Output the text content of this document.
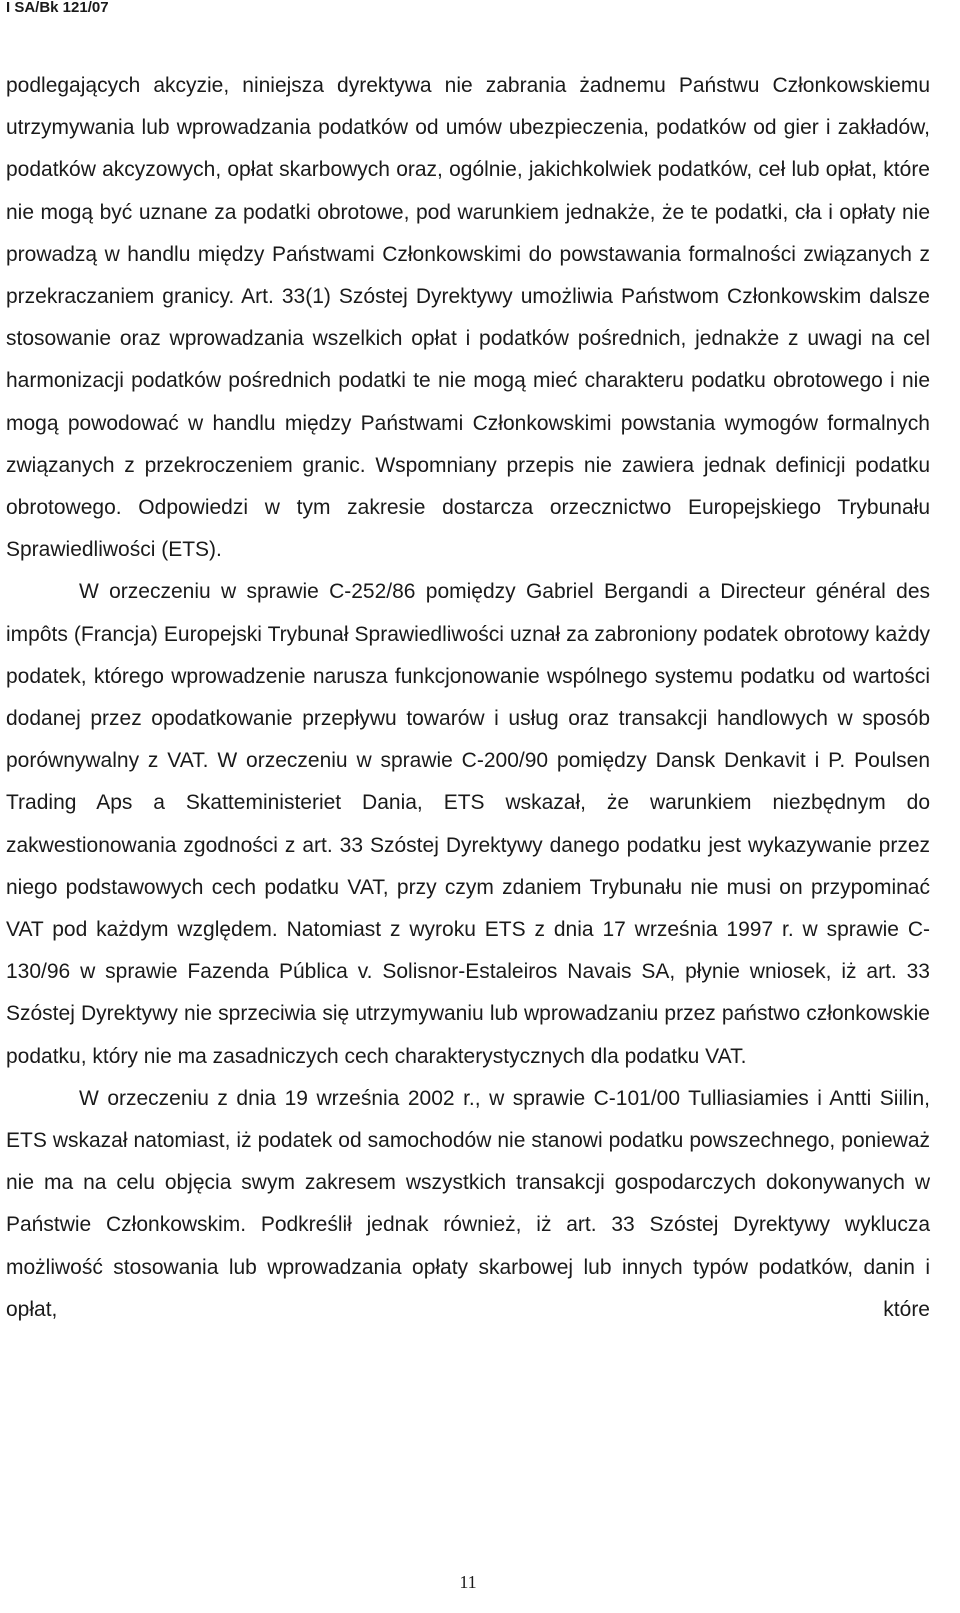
I SA/Bk 121/07

podlegających akcyzie, niniejsza dyrektywa nie zabrania żadnemu Państwu Członkowskiemu utrzymywania lub wprowadzania podatków od umów ubezpieczenia, podatków od gier i zakładów, podatków akcyzowych, opłat skarbowych oraz, ogólnie, jakichkolwiek podatków, ceł lub opłat, które nie mogą być uznane za podatki obrotowe, pod warunkiem jednakże, że te podatki, cła i opłaty nie prowadzą w handlu między Państwami Członkowskimi do powstawania formalności związanych z przekraczaniem granicy. Art. 33(1) Szóstej Dyrektywy umożliwia Państwom Członkowskim dalsze stosowanie oraz wprowadzania wszelkich opłat i podatków pośrednich, jednakże z uwagi na cel harmonizacji podatków pośrednich podatki te nie mogą mieć charakteru podatku obrotowego i nie mogą powodować w handlu między Państwami Członkowskimi powstania wymogów formalnych związanych z przekroczeniem granic. Wspomniany przepis nie zawiera jednak definicji podatku obrotowego. Odpowiedzi w tym zakresie dostarcza orzecznictwo Europejskiego Trybunału Sprawiedliwości (ETS).

W orzeczeniu w sprawie C-252/86 pomiędzy Gabriel Bergandi a Directeur général des impôts (Francja) Europejski Trybunał Sprawiedliwości uznał za zabroniony podatek obrotowy każdy podatek, którego wprowadzenie narusza funkcjonowanie wspólnego systemu podatku od wartości dodanej przez opodatkowanie przepływu towarów i usług oraz transakcji handlowych w sposób porównywalny z VAT. W orzeczeniu w sprawie C-200/90 pomiędzy Dansk Denkavit i P. Poulsen Trading Aps a Skatteministeriet Dania, ETS wskazał, że warunkiem niezbędnym do zakwestionowania zgodności z art. 33 Szóstej Dyrektywy danego podatku jest wykazywanie przez niego podstawowych cech podatku VAT, przy czym zdaniem Trybunału nie musi on przypominać VAT pod każdym względem. Natomiast z wyroku ETS z dnia 17 września 1997 r. w sprawie C-130/96 w sprawie Fazenda Pública v. Solisnor-Estaleiros Navais SA, płynie wniosek, iż art. 33 Szóstej Dyrektywy nie sprzeciwia się utrzymywaniu lub wprowadzaniu przez państwo członkowskie podatku, który nie ma zasadniczych cech charakterystycznych dla podatku VAT.

W orzeczeniu z dnia 19 września 2002 r., w sprawie C-101/00 Tulliasiamies i Antti Siilin, ETS wskazał natomiast, iż podatek od samochodów nie stanowi podatku powszechnego, ponieważ nie ma na celu objęcia swym zakresem wszystkich transakcji gospodarczych dokonywanych w Państwie Członkowskim. Podkreślił jednak również, iż art. 33 Szóstej Dyrektywy wyklucza możliwość stosowania lub wprowadzania opłaty skarbowej lub innych typów podatków, danin i opłat, które

11
